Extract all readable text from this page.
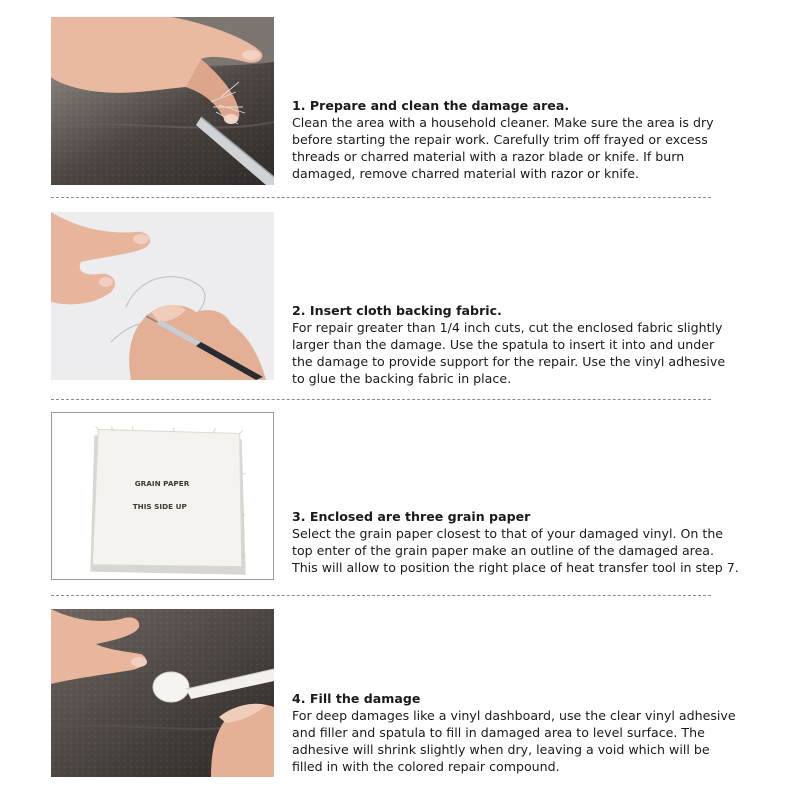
1. Prepare and clean the damage area.

Clean the area with a household cleaner. Make sure the area is dry
before starting the repair work. Carefully trim off frayed or excess
threads or charred material with a razor blade or knife. If burn
damaged, remove charred material with razor or knife.

2. Insert cloth backing fabric.

For repair greater than 1/4 inch cuts, cut the enclosed fabric slightly
larger than the damage. Use the spatula to insert it into and under
the damage to provide support for the repair. Use the vinyl adhesive
to glue the backing fabric in place.

GRAIN PAPER
THIS SIDE UP

3. Enclosed are three grain paper

Select the grain paper closest to that of your damaged vinyl. On the
top enter of the grain paper make an outline of the damaged area.
This will allow to position the right place of heat transfer tool in step 7.

4. Fill the damage

For deep damages like a vinyl dashboard, use the clear vinyl adhesive
and filler and spatula to fill in damaged area to level surface. The
adhesive will shrink slightly when dry, leaving a void which will be
filled in with the colored repair compound.
